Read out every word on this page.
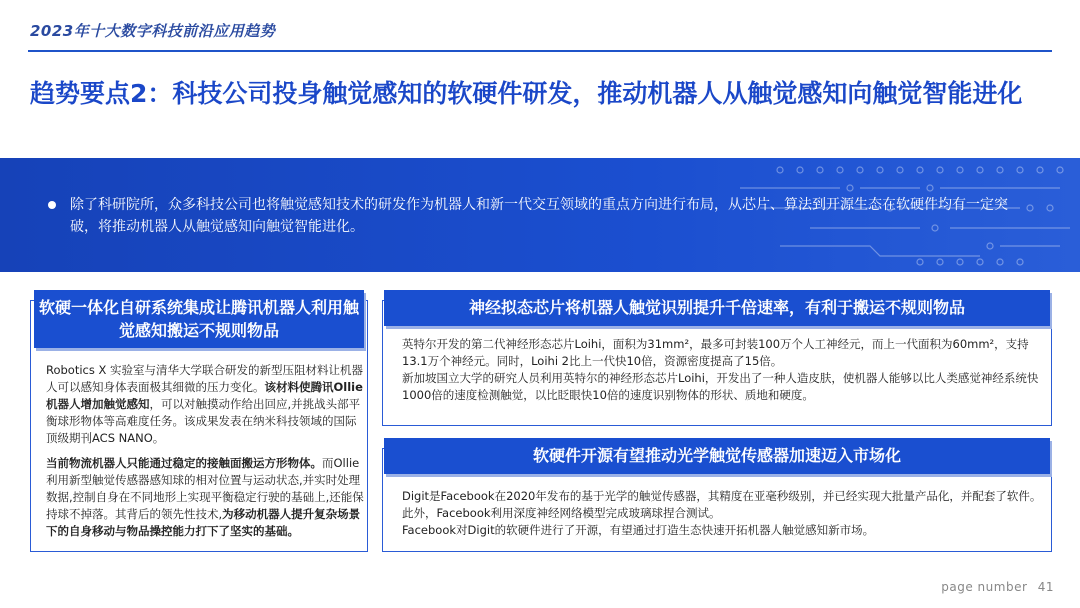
2023年十大数字科技前沿应用趋势
趋势要点2：科技公司投身触觉感知的软硬件研发，推动机器人从触觉感知向触觉智能进化

除了科研院所，众多科技公司也将触觉感知技术的研发作为机器人和新一代交互领域的重点方向进行布局，从芯片、算法到开源生态在软硬件均有一定突破，将推动机器人从触觉感知向触觉智能进化。

软硬一体化自研系统集成让腾讯机器人利用触觉感知搬运不规则物品

Robotics X 实验室与清华大学联合研发的新型压阻材料让机器人可以感知身体表面极其细微的压力变化。该材料使腾讯Ollie机器人增加触觉感知，可以对触摸动作给出回应,并挑战头部平衡球形物体等高难度任务。该成果发表在纳米科技领域的国际顶级期刊ACS NANO。

当前物流机器人只能通过稳定的接触面搬运方形物体。而Ollie利用新型触觉传感器感知球的相对位置与运动状态,并实时处理数据,控制自身在不同地形上实现平衡稳定行驶的基础上,还能保持球不掉落。其背后的领先性技术,为移动机器人提升复杂场景下的自身移动与物品操控能力打下了坚实的基础。

神经拟态芯片将机器人触觉识别提升千倍速率，有利于搬运不规则物品

英特尔开发的第二代神经形态芯片Loihi，面积为31mm²，最多可封装100万个人工神经元，而上一代面积为60mm²，支持13.1万个神经元。同时，Loihi 2比上一代快10倍，资源密度提高了15倍。

新加坡国立大学的研究人员利用英特尔的神经形态芯片Loihi，开发出了一种人造皮肤，使机器人能够以比人类感觉神经系统快1000倍的速度检测触觉，以比眨眼快10倍的速度识别物体的形状、质地和硬度。

软硬件开源有望推动光学触觉传感器加速迈入市场化

Digit是Facebook在2020年发布的基于光学的触觉传感器，其精度在亚毫秒级别，并已经实现大批量产品化，并配套了软件。

此外，Facebook利用深度神经网络模型完成玻璃球捏合测试。

Facebook对Digit的软硬件进行了开源，有望通过打造生态快速开拓机器人触觉感知新市场。

page number 41
